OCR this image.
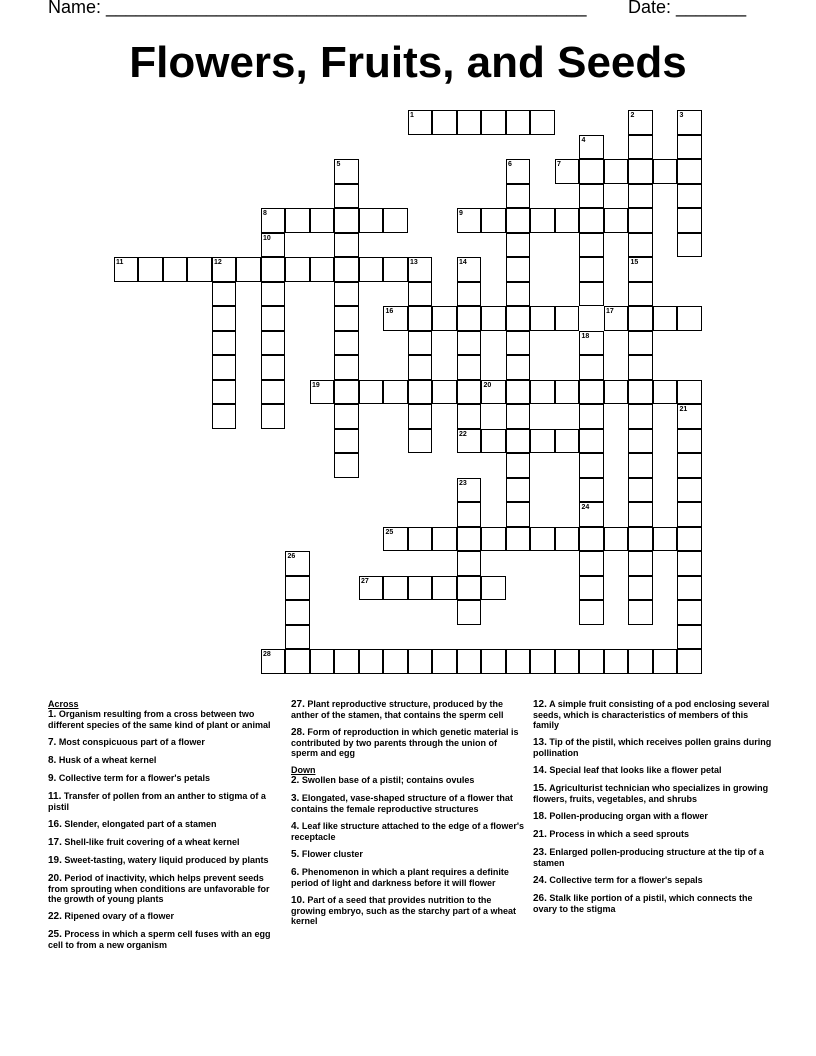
Name: ________________________________________________ Date: _______
Flowers, Fruits, and Seeds
1	2	3
4
5	6	7
8	9
10
11	12	13	14	15
16	17
18
19	20
21
22
23
24
25
26
27
28
Across
1. Organism resulting from a cross between two different species of the same kind of plant or animal
7. Most conspicuous part of a flower
8. Husk of a wheat kernel
9. Collective term for a flower's petals
11. Transfer of pollen from an anther to stigma of a pistil
16. Slender, elongated part of a stamen
17. Shell-like fruit covering of a wheat kernel
19. Sweet-tasting, watery liquid produced by plants
20. Period of inactivity, which helps prevent seeds from sprouting when conditions are unfavorable for the growth of young plants
22. Ripened ovary of a flower
25. Process in which a sperm cell fuses with an egg cell to from a new organism
27. Plant reproductive structure, produced by the anther of the stamen, that contains the sperm cell
28. Form of reproduction in which genetic material is contributed by two parents through the union of sperm and egg
Down
2. Swollen base of a pistil; contains ovules
3. Elongated, vase-shaped structure of a flower that contains the female reproductive structures
4. Leaf like structure attached to the edge of a flower's receptacle
5. Flower cluster
6. Phenomenon in which a plant requires a definite period of light and darkness before it will flower
10. Part of a seed that provides nutrition to the growing embryo, such as the starchy part of a wheat kernel
12. A simple fruit consisting of a pod enclosing several seeds, which is characteristics of members of this family
13. Tip of the pistil, which receives pollen grains during pollination
14. Special leaf that looks like a flower petal
15. Agriculturist technician who specializes in growing flowers, fruits, vegetables, and shrubs
18. Pollen-producing organ with a flower
21. Process in which a seed sprouts
23. Enlarged pollen-producing structure at the tip of a stamen
24. Collective term for a flower's sepals
26. Stalk like portion of a pistil, which connects the ovary to the stigma
